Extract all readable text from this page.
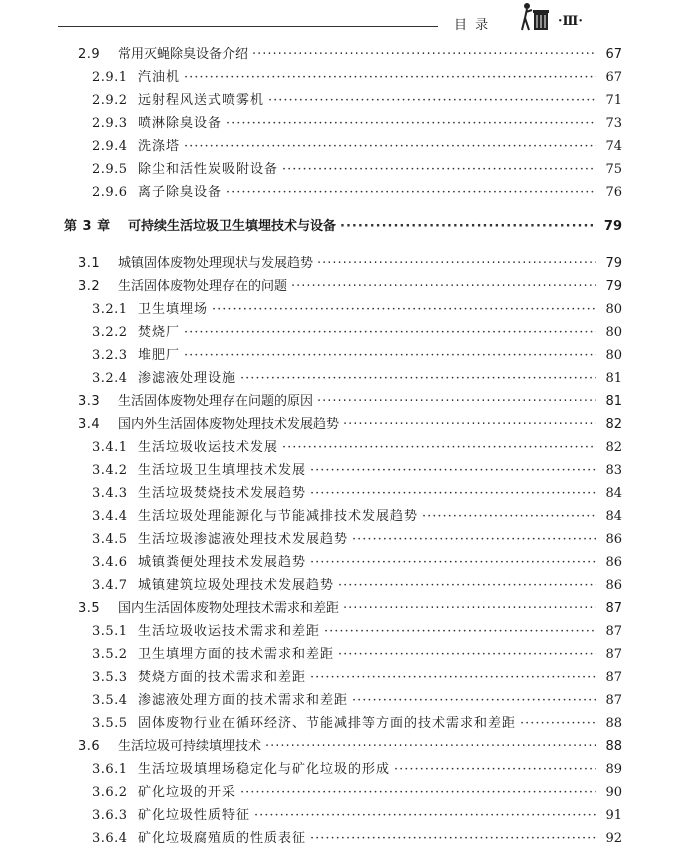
目 录	·Ⅲ·
2.9	常用灭蝇除臭设备介绍 ·····	67
2.9.1 汽油机 ·····	67
2.9.2 远射程风送式喷雾机 ·····	71
2.9.3 喷淋除臭设备 ·····	73
2.9.4 洗涤塔 ·····	74
2.9.5 除尘和活性炭吸附设备 ·····	75
2.9.6 离子除臭设备 ·····	76
第 3 章	可持续生活垃圾卫生填埋技术与设备 ·····	79
3.1	城镇固体废物处理现状与发展趋势 ·····	79
3.2	生活固体废物处理存在的问题 ·····	79
3.2.1 卫生填埋场 ·····	80
3.2.2 焚烧厂 ·····	80
3.2.3 堆肥厂 ·····	80
3.2.4 渗滤液处理设施 ·····	81
3.3	生活固体废物处理存在问题的原因 ·····	81
3.4	国内外生活固体废物处理技术发展趋势 ·····	82
3.4.1 生活垃圾收运技术发展 ·····	82
3.4.2 生活垃圾卫生填埋技术发展 ·····	83
3.4.3 生活垃圾焚烧技术发展趋势 ·····	84
3.4.4 生活垃圾处理能源化与节能减排技术发展趋势 ·····	84
3.4.5 生活垃圾渗滤液处理技术发展趋势 ·····	86
3.4.6 城镇粪便处理技术发展趋势 ·····	86
3.4.7 城镇建筑垃圾处理技术发展趋势 ·····	86
3.5	国内生活固体废物处理技术需求和差距 ·····	87
3.5.1 生活垃圾收运技术需求和差距 ·····	87
3.5.2 卫生填埋方面的技术需求和差距 ·····	87
3.5.3 焚烧方面的技术需求和差距 ·····	87
3.5.4 渗滤液处理方面的技术需求和差距 ·····	87
3.5.5 固体废物行业在循环经济、节能减排等方面的技术需求和差距 ·····	88
3.6	生活垃圾可持续填埋技术 ·····	88
3.6.1 生活垃圾填埋场稳定化与矿化垃圾的形成 ·····	89
3.6.2 矿化垃圾的开采 ·····	90
3.6.3 矿化垃圾性质特征 ·····	91
3.6.4 矿化垃圾腐殖质的性质表征 ·····	92
